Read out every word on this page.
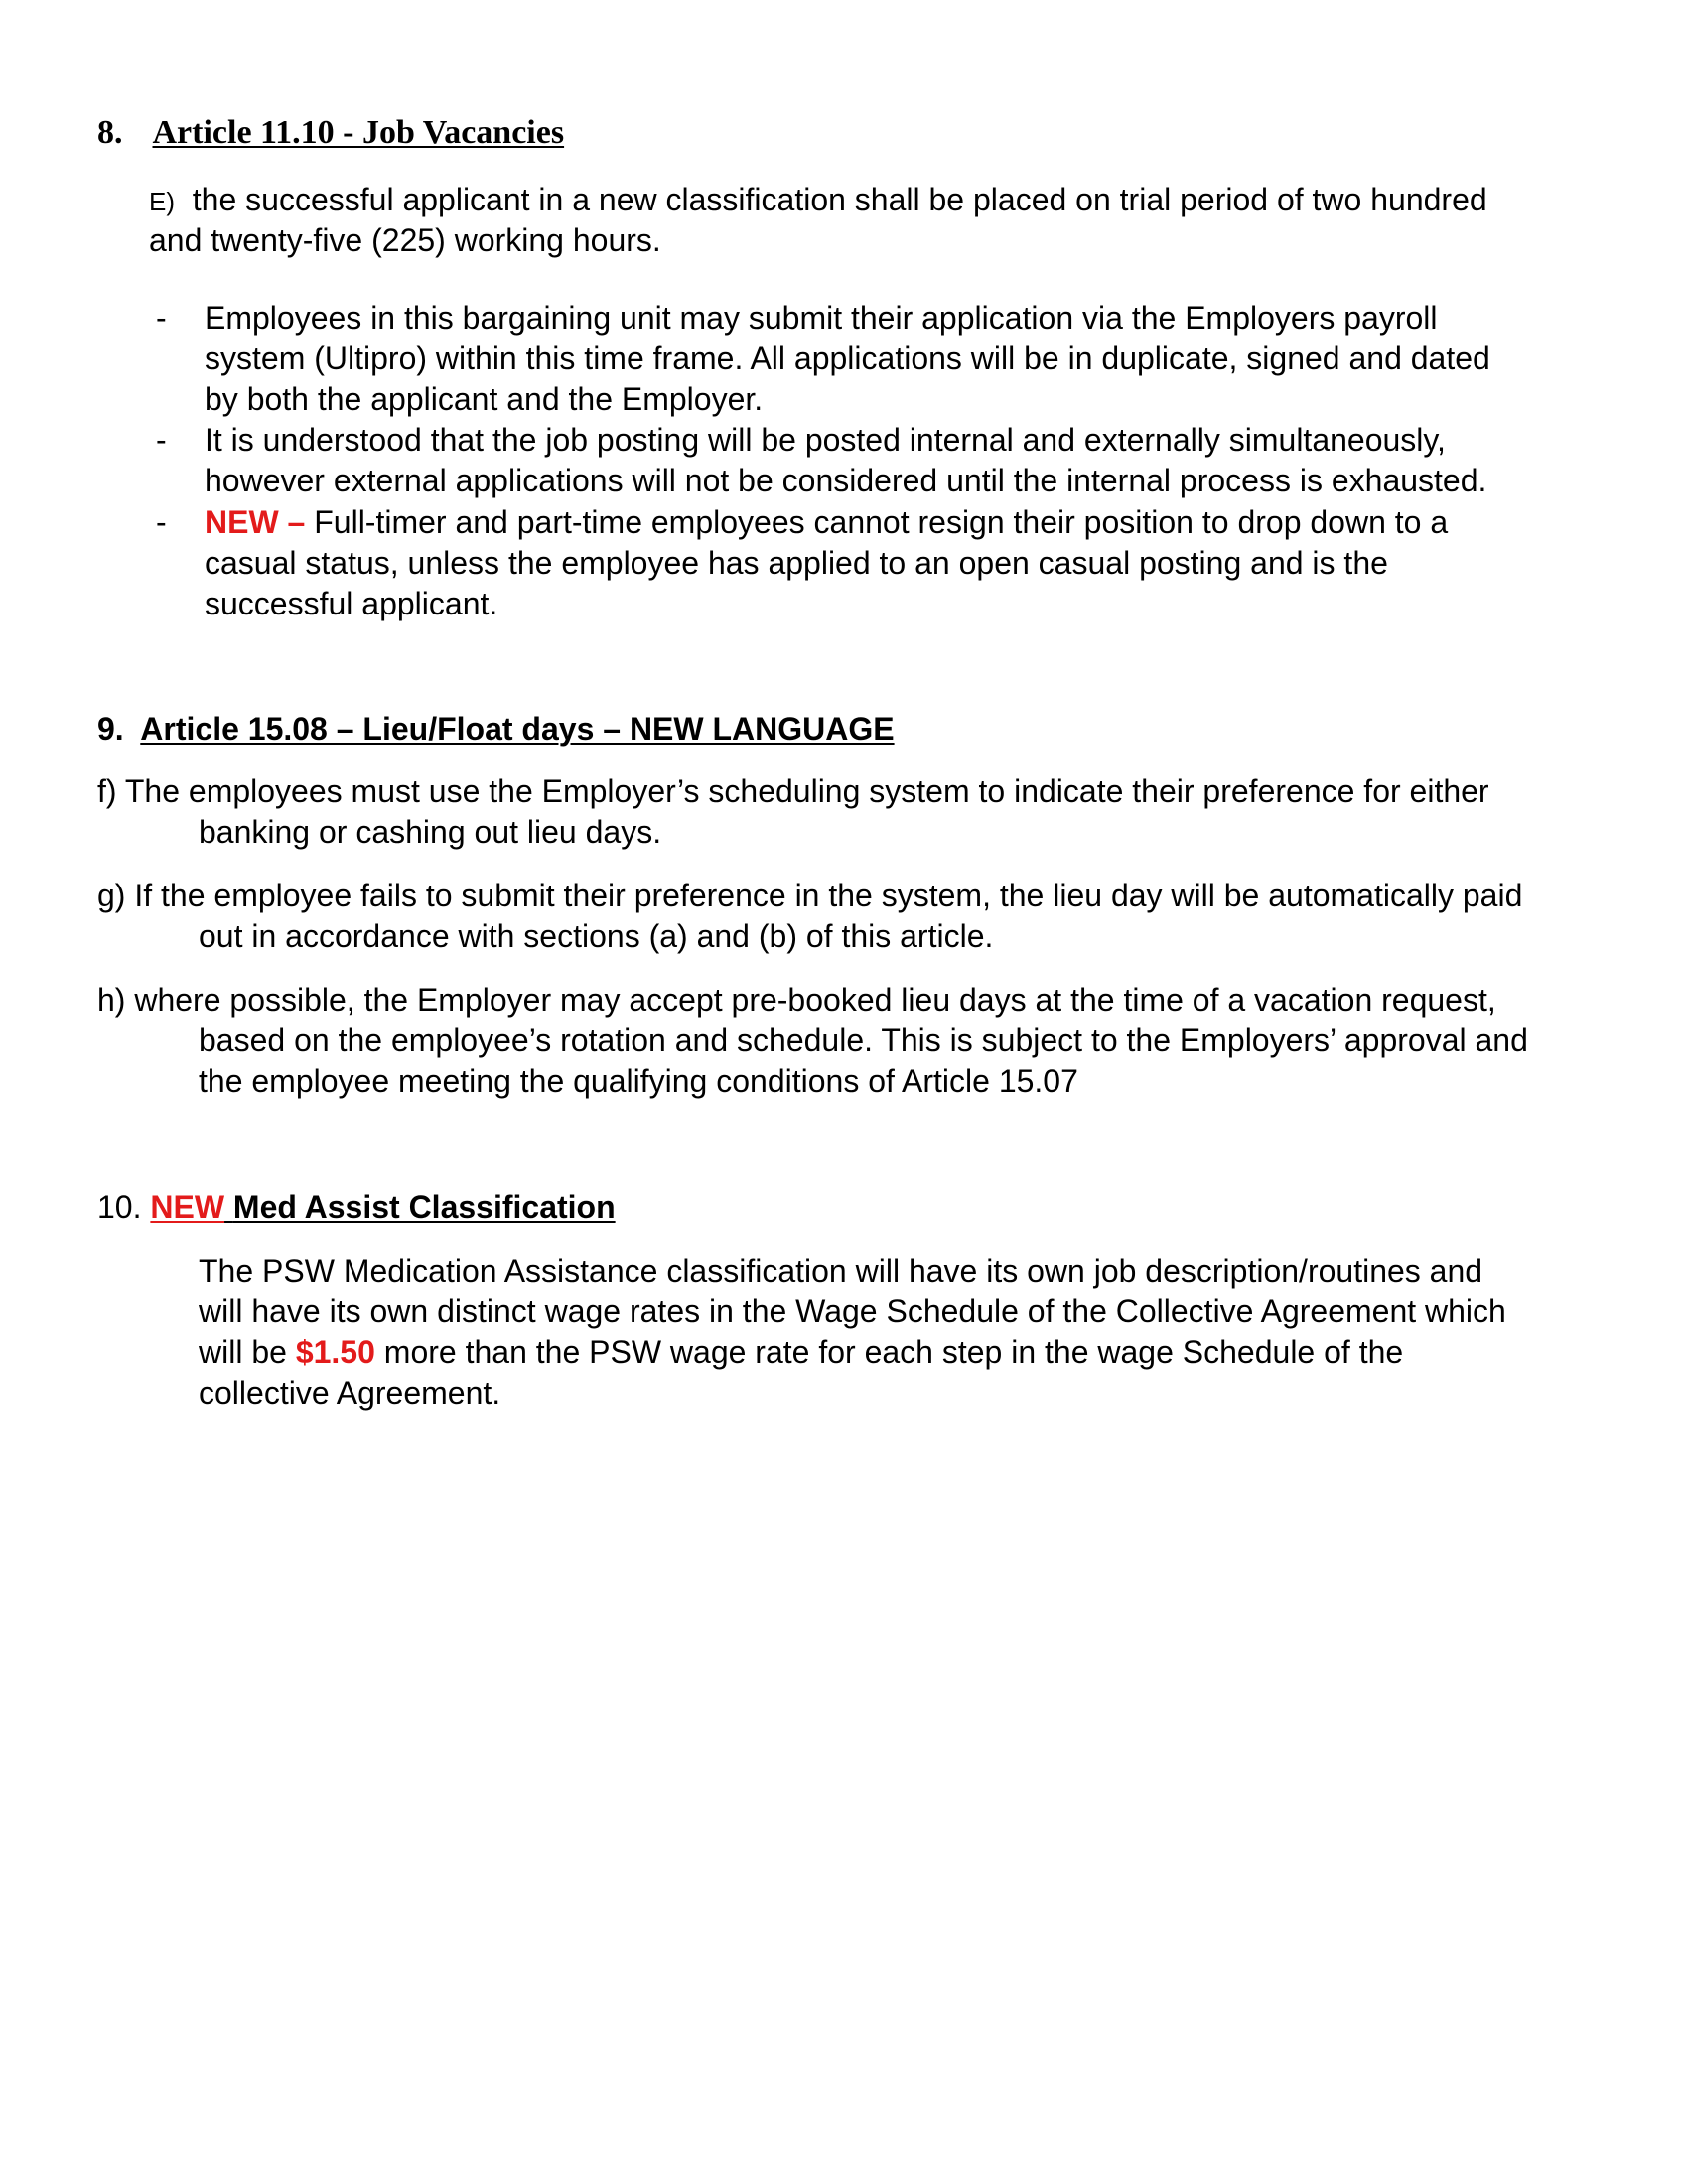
8. Article 11.10 - Job Vacancies
E) the successful applicant in a new classification shall be placed on trial period of two hundred
and twenty-five (225) working hours.
- Employees in this bargaining unit may submit their application via the Employers payroll
system (Ultipro) within this time frame. All applications will be in duplicate, signed and dated
by both the applicant and the Employer.
- It is understood that the job posting will be posted internal and externally simultaneously,
however external applications will not be considered until the internal process is exhausted.
- NEW – Full-timer and part-time employees cannot resign their position to drop down to a
casual status, unless the employee has applied to an open casual posting and is the
successful applicant.
9. Article 15.08 – Lieu/Float days – NEW LANGUAGE
f) The employees must use the Employer’s scheduling system to indicate their preference for either
banking or cashing out lieu days.
g) If the employee fails to submit their preference in the system, the lieu day will be automatically paid
out in accordance with sections (a) and (b) of this article.
h) where possible, the Employer may accept pre-booked lieu days at the time of a vacation request,
based on the employee’s rotation and schedule. This is subject to the Employers’ approval and
the employee meeting the qualifying conditions of Article 15.07
10. NEW Med Assist Classification
The PSW Medication Assistance classification will have its own job description/routines and
will have its own distinct wage rates in the Wage Schedule of the Collective Agreement which
will be $1.50 more than the PSW wage rate for each step in the wage Schedule of the
collective Agreement.
